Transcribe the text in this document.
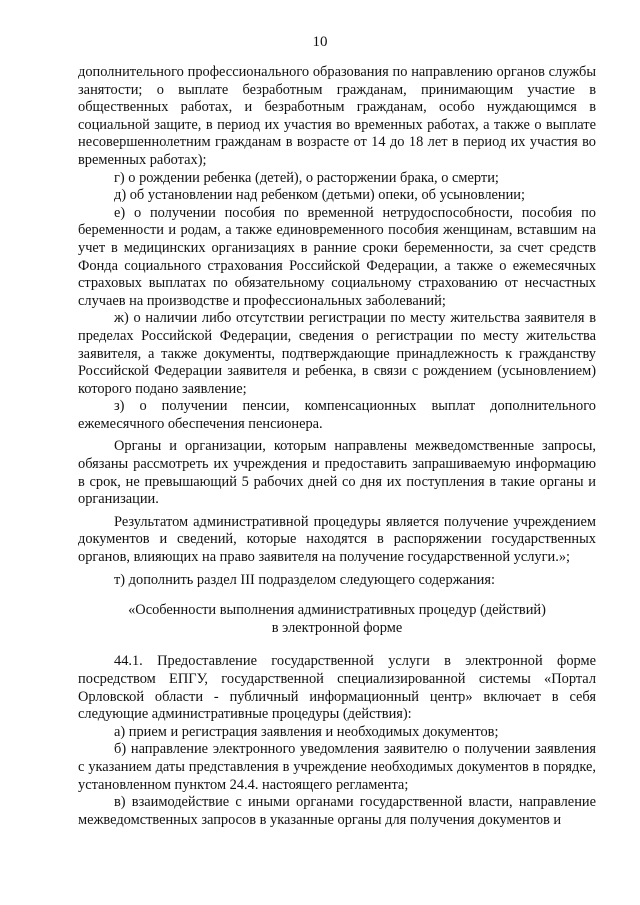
10

дополнительного профессионального образования по направлению органов службы занятости; о выплате безработным гражданам, принимающим участие в общественных работах, и безработным гражданам, особо нуждающимся в социальной защите, в период их участия во временных работах, а также о выплате несовершеннолетним гражданам в возрасте от 14 до 18 лет в период их участия во временных работах);

г) о рождении ребенка (детей), о расторжении брака, о смерти;

д) об установлении над ребенком (детьми) опеки, об усыновлении;

е) о получении пособия по временной нетрудоспособности, пособия по беременности и родам, а также единовременного пособия женщинам, вставшим на учет в медицинских организациях в ранние сроки беременности, за счет средств Фонда социального страхования Российской Федерации, а также о ежемесячных страховых выплатах по обязательному социальному страхованию от несчастных случаев на производстве и профессиональных заболеваний;

ж) о наличии либо отсутствии регистрации по месту жительства заявителя в пределах Российской Федерации, сведения о регистрации по месту жительства заявителя, а также документы, подтверждающие принадлежность к гражданству Российской Федерации заявителя и ребенка, в связи с рождением (усыновлением) которого подано заявление;

з) о получении пенсии, компенсационных выплат дополнительного ежемесячного обеспечения пенсионера.

Органы и организации, которым направлены межведомственные запросы, обязаны рассмотреть их учреждения и предоставить запрашиваемую информацию в срок, не превышающий 5 рабочих дней со дня их поступления в такие органы и организации.

Результатом административной процедуры является получение учреждением документов и сведений, которые находятся в распоряжении государственных органов, влияющих на право заявителя на получение государственной услуги.»;

т) дополнить раздел III подразделом следующего содержания:

«Особенности выполнения административных процедур (действий)
в электронной форме

44.1. Предоставление государственной услуги в электронной форме посредством ЕПГУ, государственной специализированной системы «Портал Орловской области - публичный информационный центр» включает в себя следующие административные процедуры (действия):

а) прием и регистрация заявления и необходимых документов;

б) направление электронного уведомления заявителю о получении заявления с указанием даты представления в учреждение необходимых документов в порядке, установленном пунктом 24.4. настоящего регламента;

в) взаимодействие с иными органами государственной власти, направление межведомственных запросов в указанные органы для получения документов и
